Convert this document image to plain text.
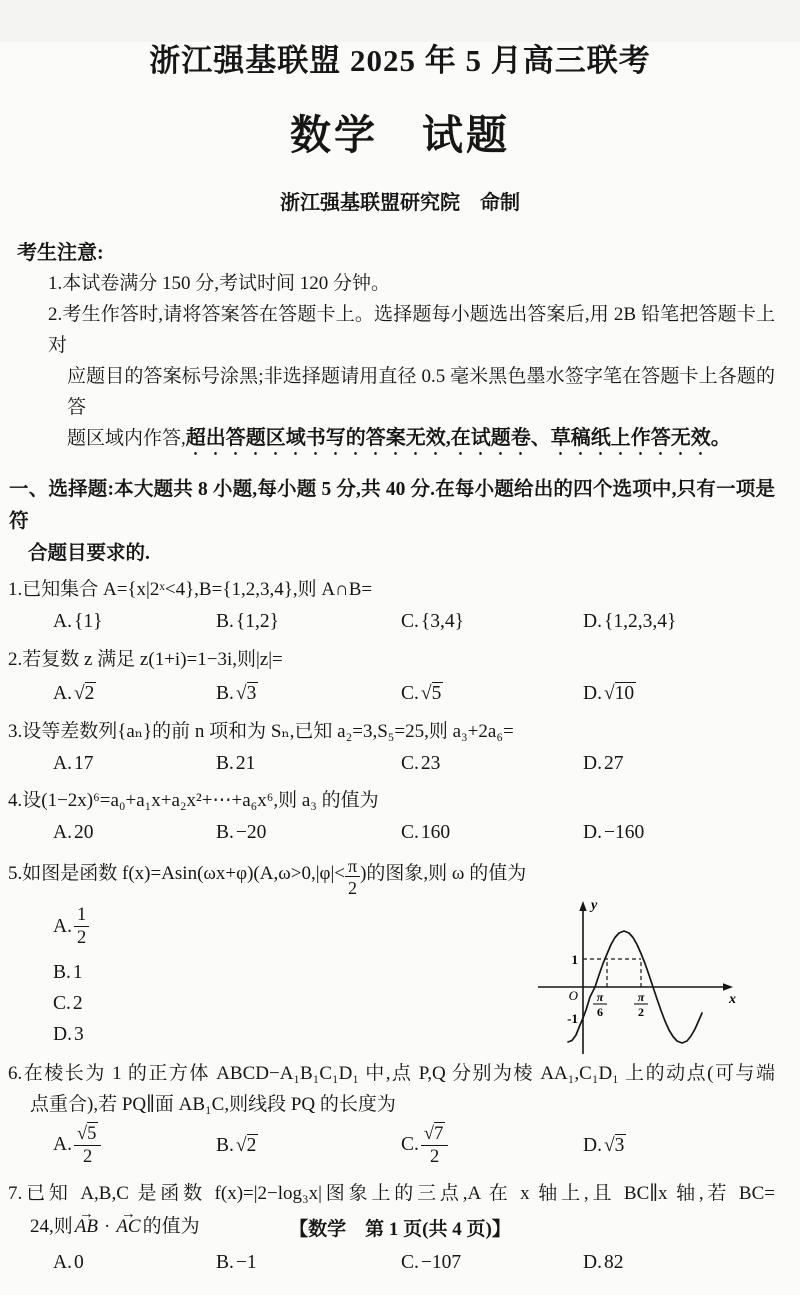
浙江强基联盟 2025 年 5 月高三联考
数学　试题
浙江强基联盟研究院　命制
考生注意:
1.本试卷满分 150 分,考试时间 120 分钟。
2.考生作答时,请将答案答在答题卡上。选择题每小题选出答案后,用 2B 铅笔把答题卡上对
应题目的答案标号涂黑;非选择题请用直径 0.5 毫米黑色墨水签字笔在答题卡上各题的答
题区域内作答,超出答题区域书写的答案无效,在试题卷、草稿纸上作答无效。
一、选择题:本大题共 8 小题,每小题 5 分,共 40 分.在每小题给出的四个选项中,只有一项是符
合题目要求的.
1.已知集合 A={x|2ˣ<4},B={1,2,3,4},则 A∩B=
A. {1}	B. {1,2}	C. {3,4}	D. {1,2,3,4}
2.若复数 z 满足 z(1+i)=1−3i,则|z|=
A. √ 2	B. √ 3	C. √ 5	D. √ 10
3.设等差数列{aₙ}的前 n 项和为 Sₙ,已知 a₂=3,S₅=25,则 a₃+2a₆=
A. 17	B. 21	C. 23	D. 27
4.设(1−2x)⁶=a₀+a₁x+a₂x²+⋯+a₆x⁶,则 a₃ 的值为
A. 20	B. −20	C. 160	D. −160
5.如图是函数 $f(x)=Asin(\omega x+\varphi)(A,\omega>0,|\varphi|< \frac{\pi}{2}$ )的图象,则 ω 的值为
A. $\frac{1}{2}$
B. 1
C. 2
D. 3
y
x
O
1
-1
π
6
π
2
6.在棱长为 1 的正方体 ABCD−A₁B₁C₁D₁ 中,点 P,Q 分别为棱 AA₁,C₁D₁ 上的动点(可与端
点重合),若 PQ∥面 AB₁C,则线段 PQ 的长度为
A. √ $\frac{5}{2}$	B. √ 2	C. √ $\frac{7}{2}$	D. √ 3
7.已知 A,B,C 是函数 f(x)=|2−log₃x|图象上的三点,A 在 x 轴上,且 BC∥x 轴,若 BC=
24,则 → AB · → AC 的值为
A. 0	B. −1	C. −107	D. 82
【数学　第 1 页(共 4 页)】
